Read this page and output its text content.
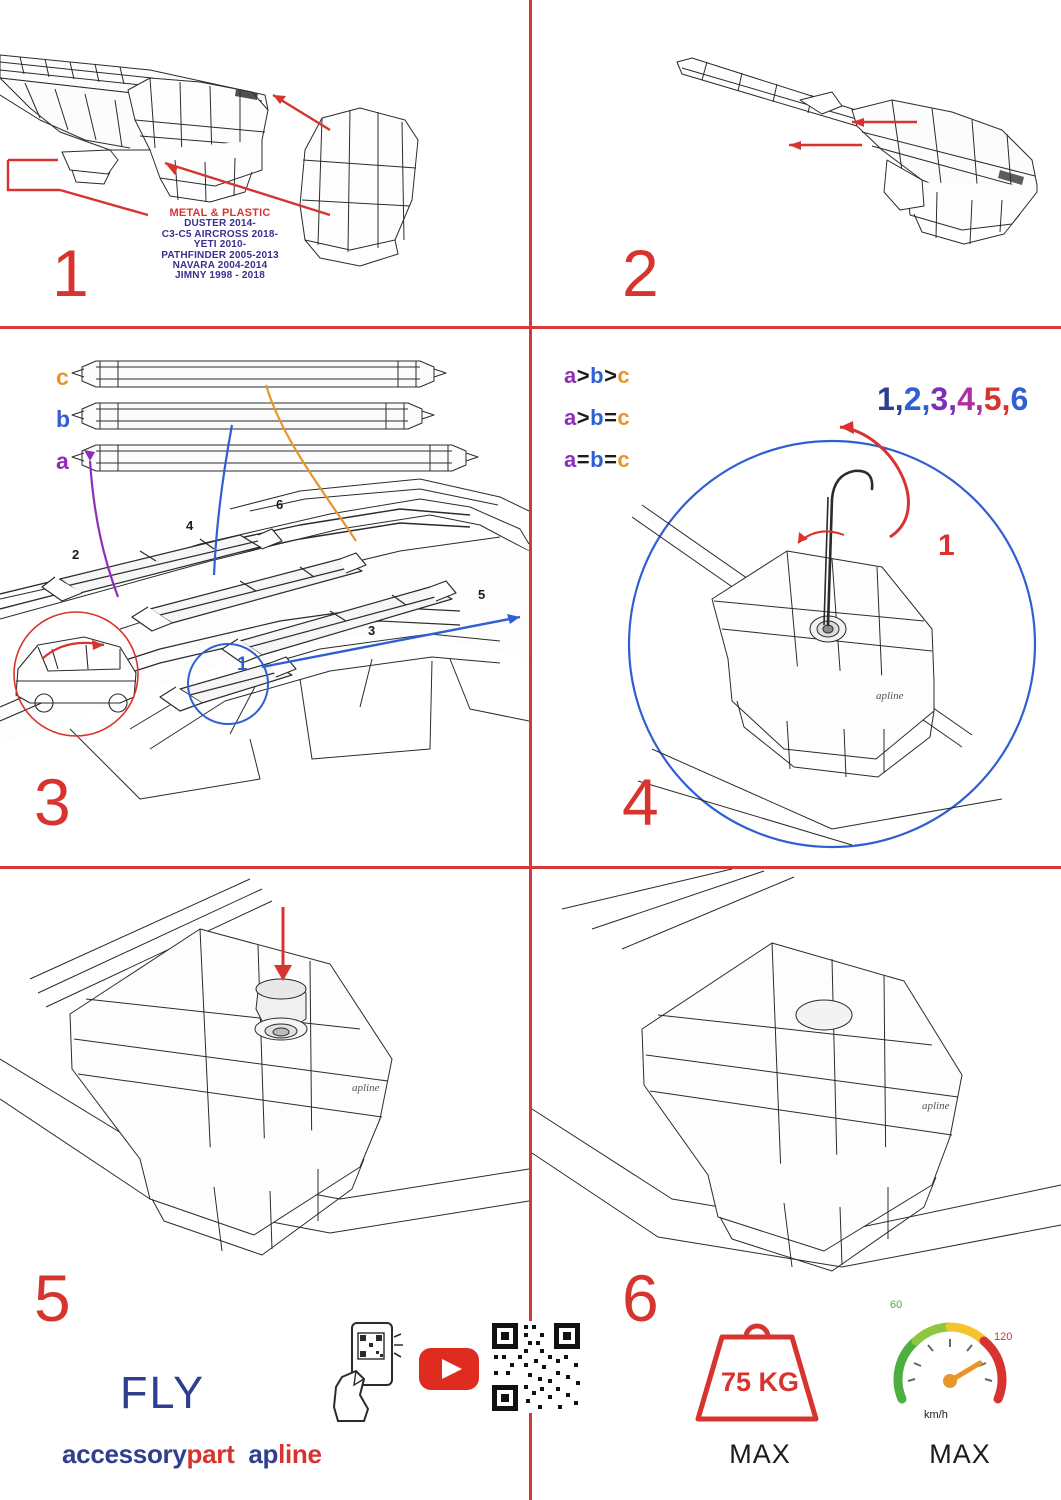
METAL & PLASTIC
DUSTER 2014-
C3-C5 AIRCROSS 2018-
YETI 2010-
PATHFINDER 2005-2013
NAVARA 2004-2014
JIMNY 1998 - 2018
1	2
c
b
a
2
4
6
3
5
1
3
a>b>c
a>b=c
a=b=c
1,2,3,4,5,6
apline
1
4
apline
5
FLY
accessorypart apline
apline
6
75 KG
MAX
60
120
km/h
MAX
